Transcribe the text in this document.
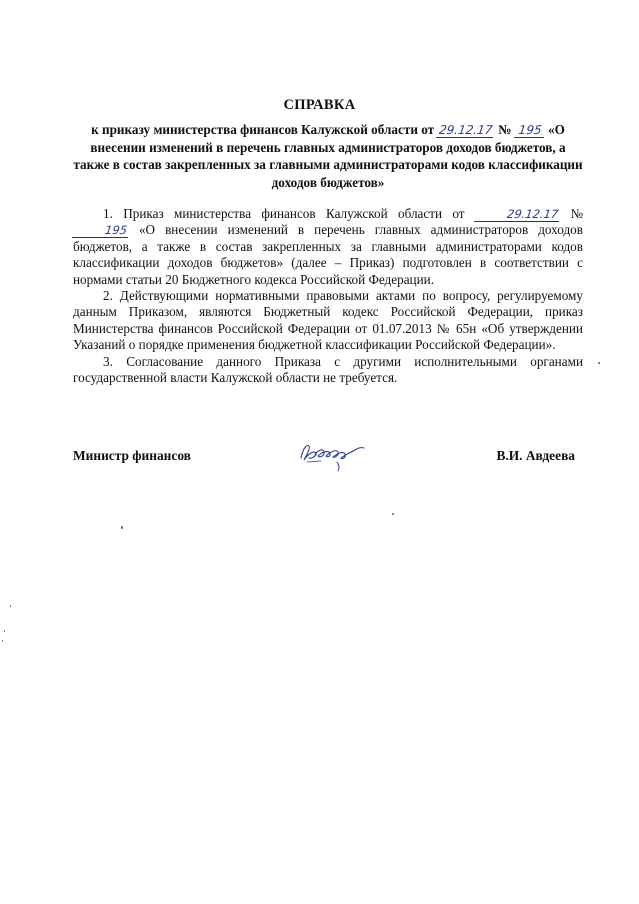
СПРАВКА
к приказу министерства финансов Калужской области от 29.12.17 № 195 «О внесении изменений в перечень главных администраторов доходов бюджетов, а также в состав закрепленных за главными администраторами кодов классификации доходов бюджетов»

1. Приказ министерства финансов Калужской области от	29.12.17 № 195 «О внесении изменений в перечень главных администраторов доходов бюджетов, а также в состав закрепленных за главными администраторами кодов классификации доходов бюджетов» (далее – Приказ) подготовлен в соответствии с нормами статьи 20 Бюджетного кодекса Российской Федерации.

2. Действующими нормативными правовыми актами по вопросу, регулируемому данным Приказом, являются Бюджетный кодекс Российской Федерации, приказ Министерства финансов Российской Федерации от 01.07.2013 № 65н «Об утверждении Указаний о порядке применения бюджетной классификации Российской Федерации».

3. Согласование данного Приказа с другими исполнительными органами государственной власти Калужской области не требуется.

Министр финансов	В.И. Авдеева
